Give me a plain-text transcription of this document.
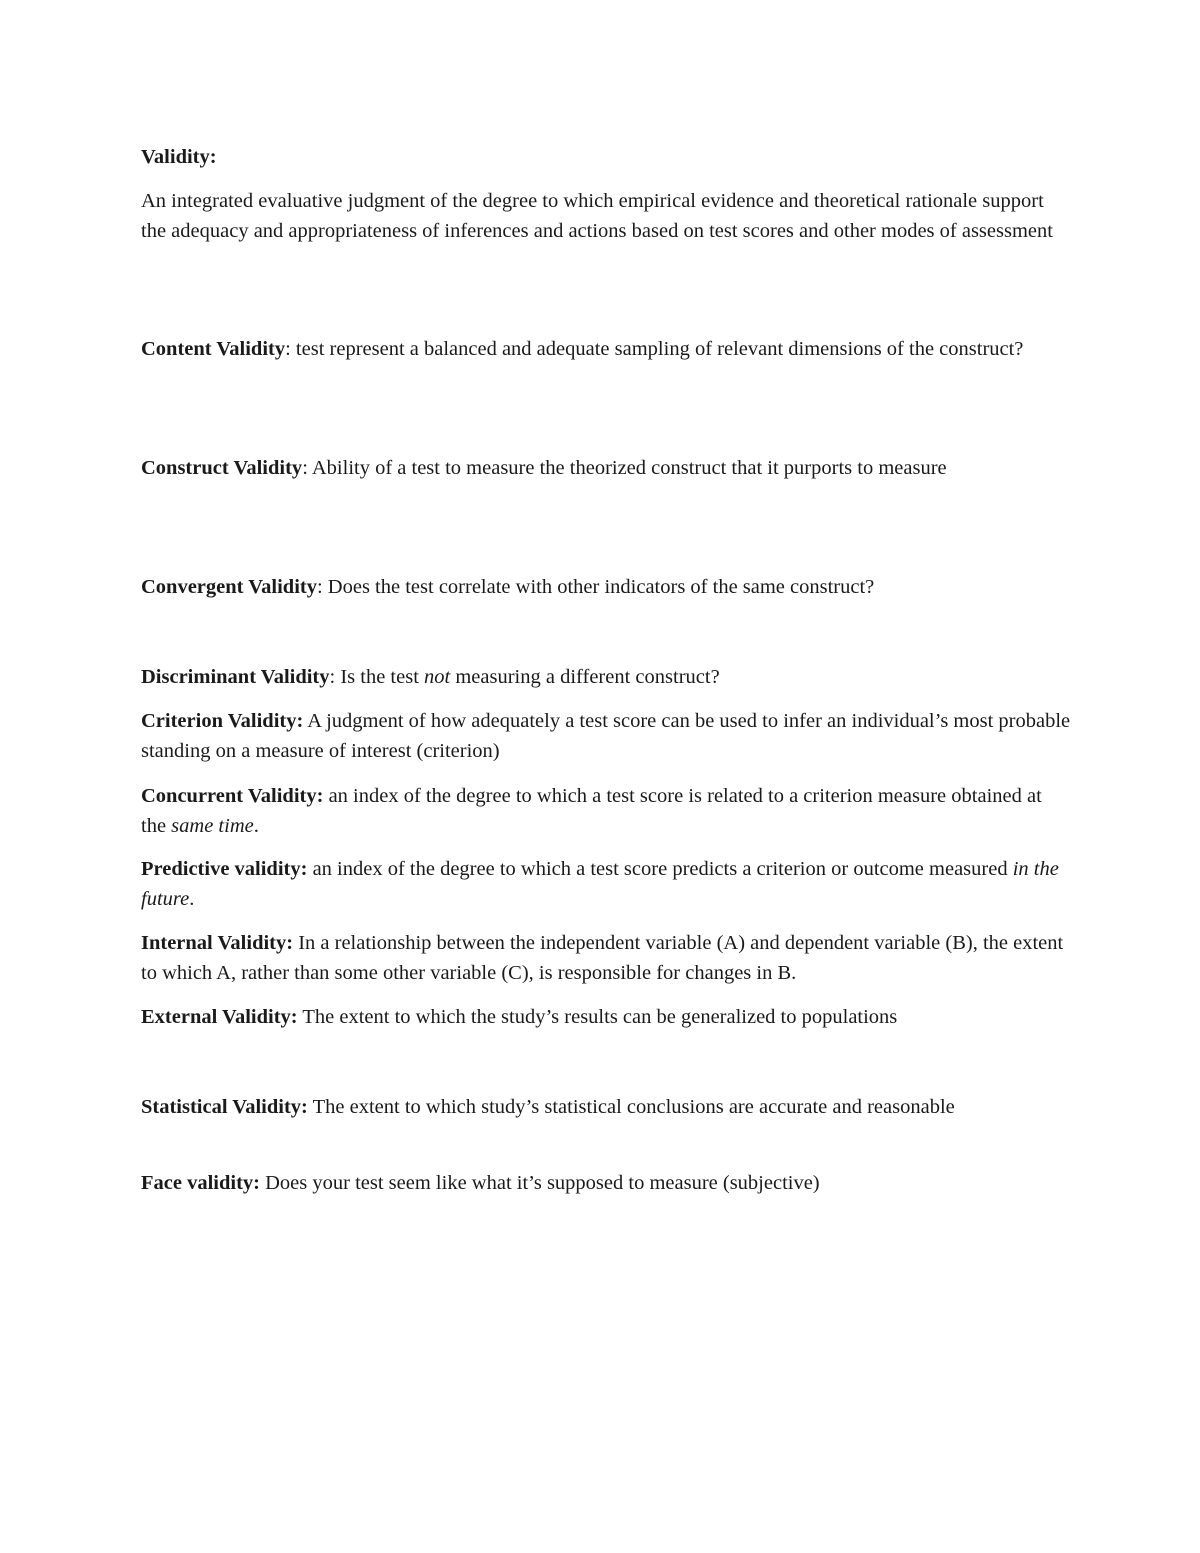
Validity:

An integrated evaluative judgment of the degree to which empirical evidence and theoretical rationale support the adequacy and appropriateness of inferences and actions based on test scores and other modes of assessment

Content Validity: test represent a balanced and adequate sampling of relevant dimensions of the construct?

Construct Validity: Ability of a test to measure the theorized construct that it purports to measure

Convergent Validity: Does the test correlate with other indicators of the same construct?

Discriminant Validity: Is the test not measuring a different construct?

Criterion Validity: A judgment of how adequately a test score can be used to infer an individual’s most probable standing on a measure of interest (criterion)

Concurrent Validity: an index of the degree to which a test score is related to a criterion measure obtained at the same time.

Predictive validity: an index of the degree to which a test score predicts a criterion or outcome measured in the future.

Internal Validity: In a relationship between the independent variable (A) and dependent variable (B), the extent to which A, rather than some other variable (C), is responsible for changes in B.

External Validity: The extent to which the study’s results can be generalized to populations

Statistical Validity: The extent to which study’s statistical conclusions are accurate and reasonable

Face validity: Does your test seem like what it’s supposed to measure (subjective)
